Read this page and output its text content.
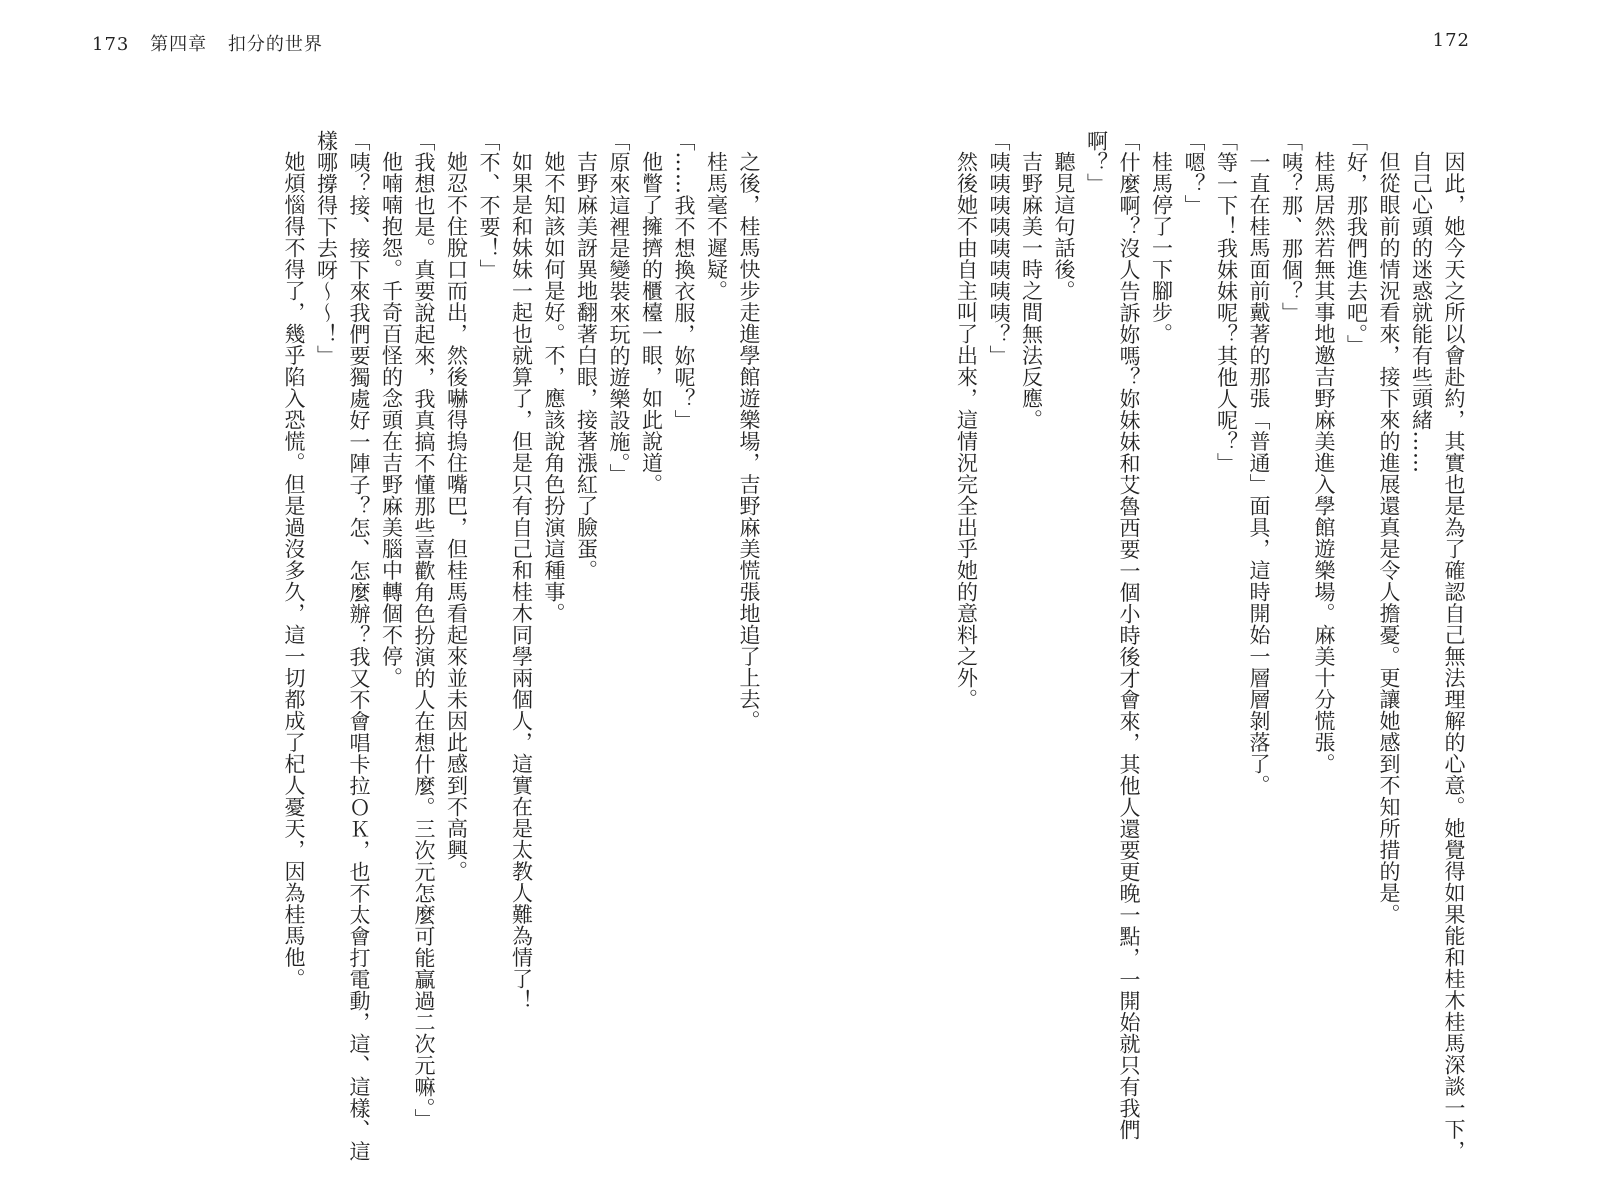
173 第四章 扣分的世界	172

因此，她今天之所以會赴約，其實也是為了確認自己無法理解的心意。她覺得如果能和桂木桂馬深談一下，自己心頭的迷惑就能有些頭緒……

但從眼前的情況看來，接下來的進展還真是令人擔憂。更讓她感到不知所措的是。

「好，那我們進去吧。」

桂馬居然若無其事地邀吉野麻美進入學館遊樂場。麻美十分慌張。

「咦？那、那個？」

一直在桂馬面前戴著的那張「普通」面具，這時開始一層層剝落了。

「等一下！我妹妹呢？其他人呢？」

「嗯？」

桂馬停了一下腳步。

「什麼啊？沒人告訴妳嗎？妳妹妹和艾魯西要一個小時後才會來，其他人還要更晚一點，一開始就只有我們啊？」

聽見這句話後。

吉野麻美一時之間無法反應。

「咦咦咦咦咦咦咦咦？」

然後她不由自主叫了出來，這情況完全出乎她的意料之外。

之後，桂馬快步走進學館遊樂場，吉野麻美慌張地追了上去。

桂馬毫不遲疑。

「……我不想換衣服，妳呢？」

他瞥了擁擠的櫃檯一眼，如此說道。

「原來這裡是變裝來玩的遊樂設施。」

吉野麻美訝異地翻著白眼，接著漲紅了臉蛋。

她不知該如何是好。不，應該說角色扮演這種事。

如果是和妹妹一起也就算了，但是只有自己和桂木同學兩個人，這實在是太教人難為情了！

「不、不要！」

她忍不住脫口而出，然後嚇得摀住嘴巴，但桂馬看起來並未因此感到不高興。

「我想也是。真要說起來，我真搞不懂那些喜歡角色扮演的人在想什麼。三次元怎麼可能贏過二次元嘛。」

他喃喃抱怨。千奇百怪的念頭在吉野麻美腦中轉個不停。

「咦？接、接下來我們要獨處好一陣子？怎、怎麼辦？我又不會唱卡拉ＯＫ，也不太會打電動，這、這樣、這樣哪撐得下去呀～～！」

她煩惱得不得了，幾乎陷入恐慌。但是過沒多久，這一切都成了杞人憂天，因為桂馬他。
